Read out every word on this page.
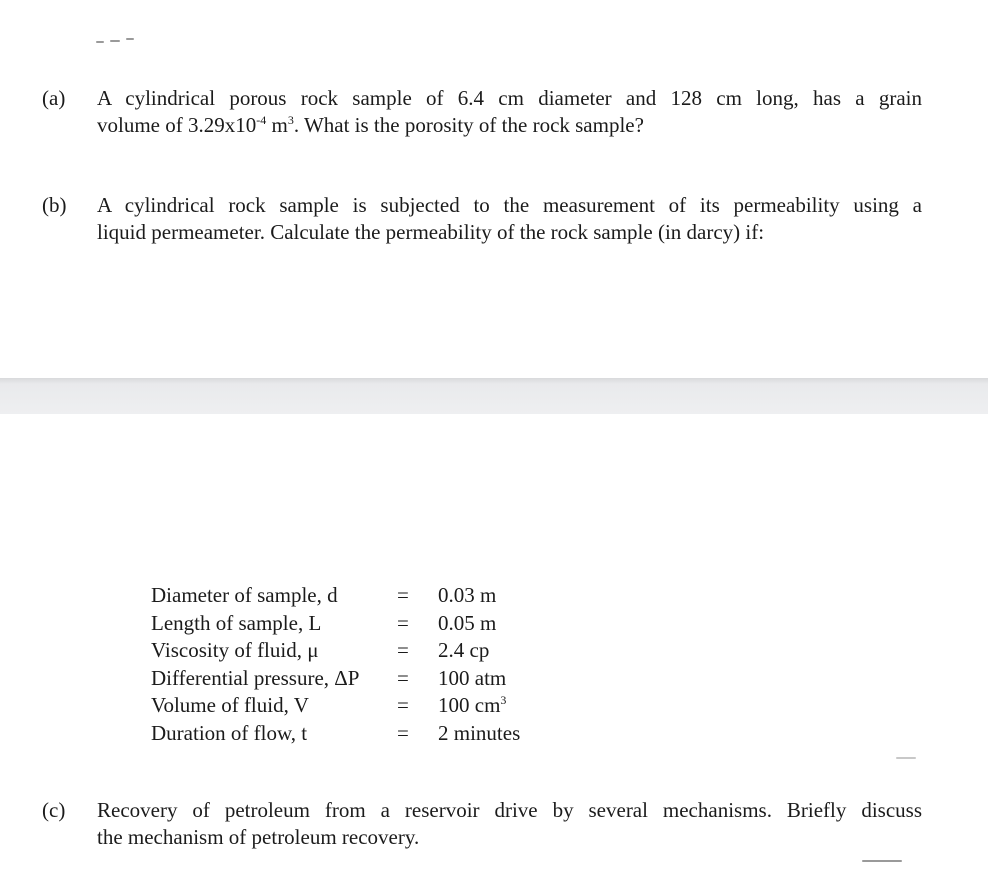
(a) A cylindrical porous rock sample of 6.4 cm diameter and 128 cm long, has a grain
volume of $3.29x10^{-4}$ $m^3$. What is the porosity of the rock sample?
(b) A cylindrical rock sample is subjected to the measurement of its permeability using a
liquid permeameter. Calculate the permeability of the rock sample (in darcy) if:
Diameter of sample, d	= 0.03 m
Length of sample, L	= 0.05 m
Viscosity of fluid, μ	= 2.4 cp
Differential pressure, ΔP = 100 atm
Volume of fluid, V	= 100 $cm^3$
Duration of flow, t	= 2 minutes
(c) Recovery of petroleum from a reservoir drive by several mechanisms. Briefly discuss
the mechanism of petroleum recovery.
